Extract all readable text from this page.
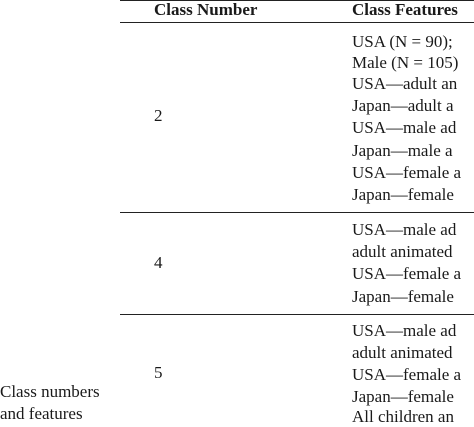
Class Number	Class Features
2
USA (N = 90);
Male (N = 105)
USA—adult an
Japan—adult a
USA—male ad
Japan—male a
USA—female a
Japan—female
4
USA—male ad
adult animated
USA—female a
Japan—female
5
USA—male ad
adult animated
USA—female a
Japan—female
All children an
Class numbers
and features
